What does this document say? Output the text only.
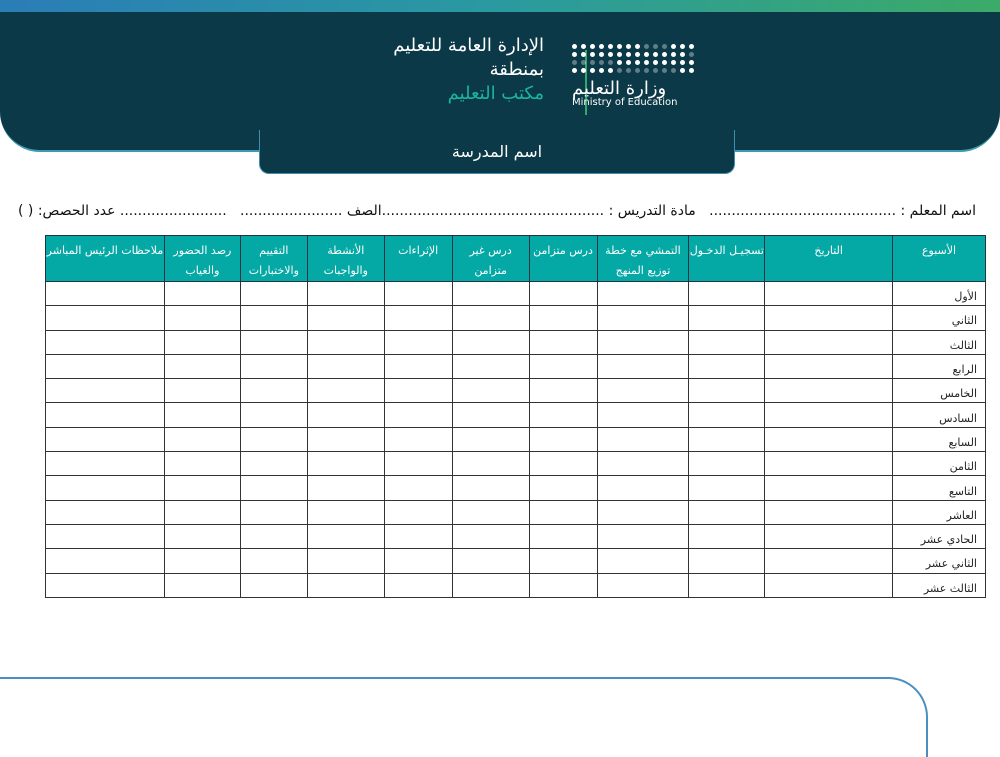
الإدارة العامة للتعليم
بمنطقة
مكتب التعليم وزارة التعليم
Ministry of Education
اسم المدرسة
اسم المعلم : ..........................................
مادة التدريس : ..................................................الصف .......................
........................ عدد الحصص: ( )
الأسبوع	التاريخ	تسجيـل الدخـول	التمشي مع خطة توزيع المنهج	درس متزامن	درس غير متزامن	الإثراءات	الأنشطة والواجبات	التقييم والاختبارات	رصد الحضور والغياب	ملاحظات الرئيس المباشر
الأول										
الثاني										
الثالث										
الرابع										
الخامس										
السادس										
السابع										
الثامن										
التاسع										
العاشر										
الحادي عشر										
الثاني عشر										
الثالث عشر										
